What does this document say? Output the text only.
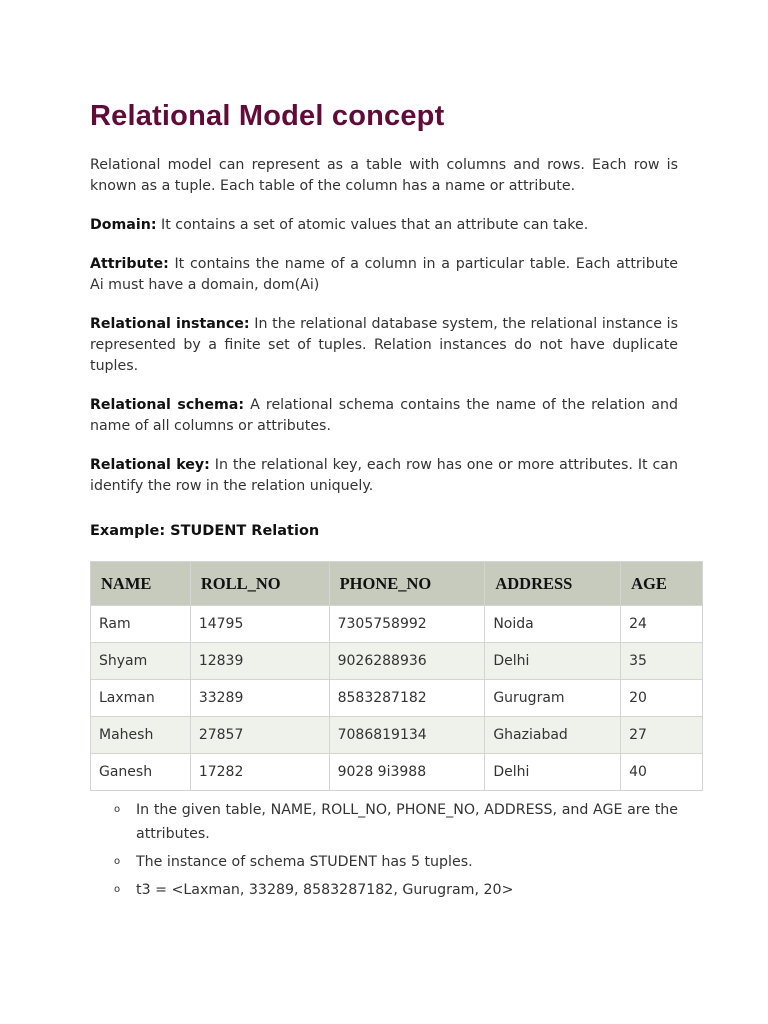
Relational Model concept

Relational model can represent as a table with columns and rows. Each row is known as a tuple. Each table of the column has a name or attribute.

Domain: It contains a set of atomic values that an attribute can take.

Attribute: It contains the name of a column in a particular table. Each attribute Ai must have a domain, dom(Ai)

Relational instance: In the relational database system, the relational instance is represented by a finite set of tuples. Relation instances do not have duplicate tuples.

Relational schema: A relational schema contains the name of the relation and name of all columns or attributes.

Relational key: In the relational key, each row has one or more attributes. It can identify the row in the relation uniquely.

Example: STUDENT Relation
NAME	ROLL_NO	PHONE_NO	ADDRESS	AGE
Ram	14795	7305758992	Noida	24
Shyam	12839	9026288936	Delhi	35
Laxman	33289	8583287182	Gurugram	20
Mahesh	27857	7086819134	Ghaziabad	27
Ganesh	17282	9028 9i3988	Delhi	40
o In the given table, NAME, ROLL_NO, PHONE_NO, ADDRESS, and AGE are the attributes.
o The instance of schema STUDENT has 5 tuples.
o t3 = <Laxman, 33289, 8583287182, Gurugram, 20>
